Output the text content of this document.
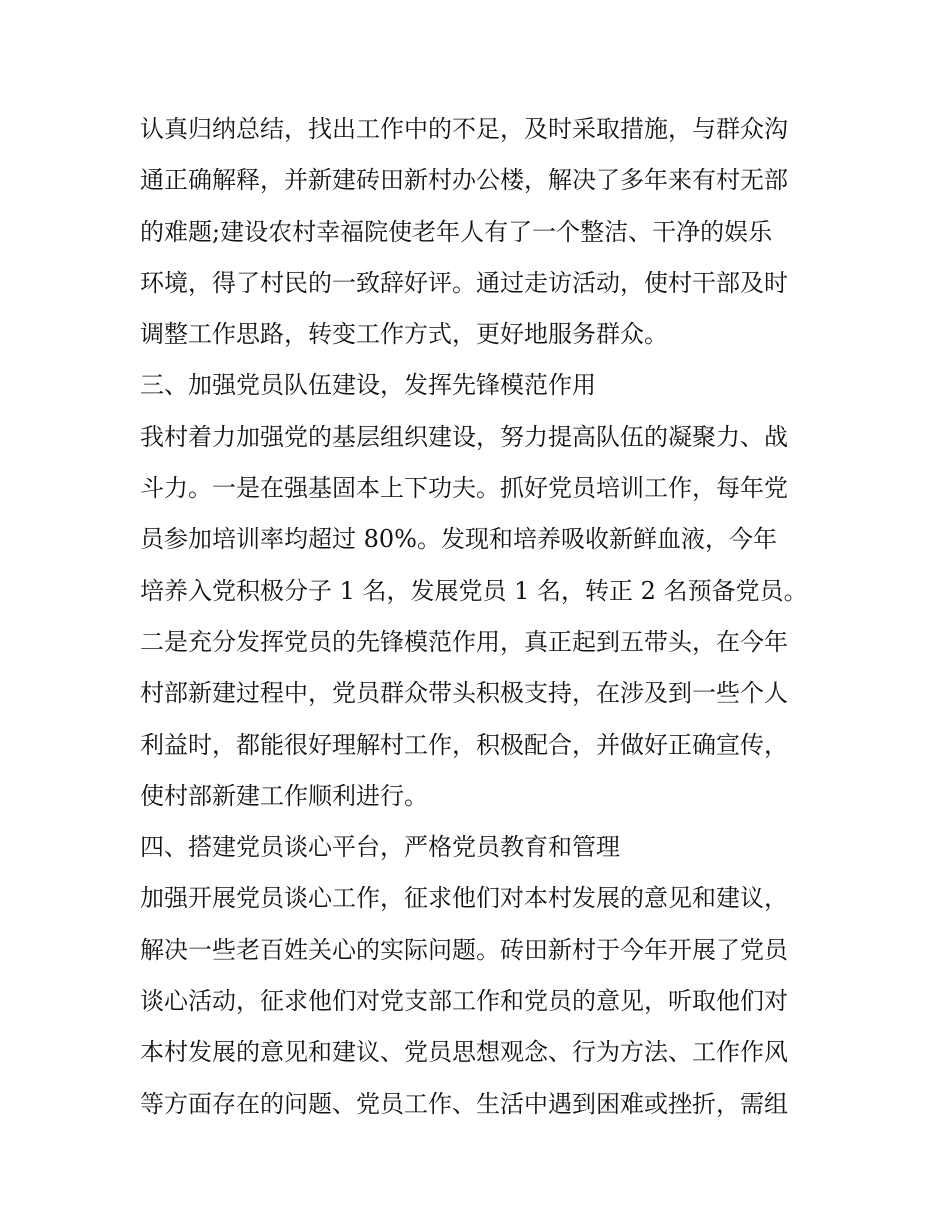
认真归纳总结，找出工作中的不足，及时采取措施，与群众沟

通正确解释，并新建砖田新村办公楼，解决了多年来有村无部

的难题;建设农村幸福院使老年人有了一个整洁、干净的娱乐

环境，得了村民的一致辞好评。通过走访活动，使村干部及时

调整工作思路，转变工作方式，更好地服务群众。

三、加强党员队伍建设，发挥先锋模范作用

我村着力加强党的基层组织建设，努力提高队伍的凝聚力、战

斗力。一是在强基固本上下功夫。抓好党员培训工作，每年党

员参加培训率均超过 80%。发现和培养吸收新鲜血液，今年

培养入党积极分子 1 名，发展党员 1 名，转正 2 名预备党员。

二是充分发挥党员的先锋模范作用，真正起到五带头，在今年

村部新建过程中，党员群众带头积极支持，在涉及到一些个人

利益时，都能很好理解村工作，积极配合，并做好正确宣传，

使村部新建工作顺利进行。

四、搭建党员谈心平台，严格党员教育和管理

加强开展党员谈心工作，征求他们对本村发展的意见和建议，

解决一些老百姓关心的实际问题。砖田新村于今年开展了党员

谈心活动，征求他们对党支部工作和党员的意见，听取他们对

本村发展的意见和建议、党员思想观念、行为方法、工作作风

等方面存在的问题、党员工作、生活中遇到困难或挫折，需组
